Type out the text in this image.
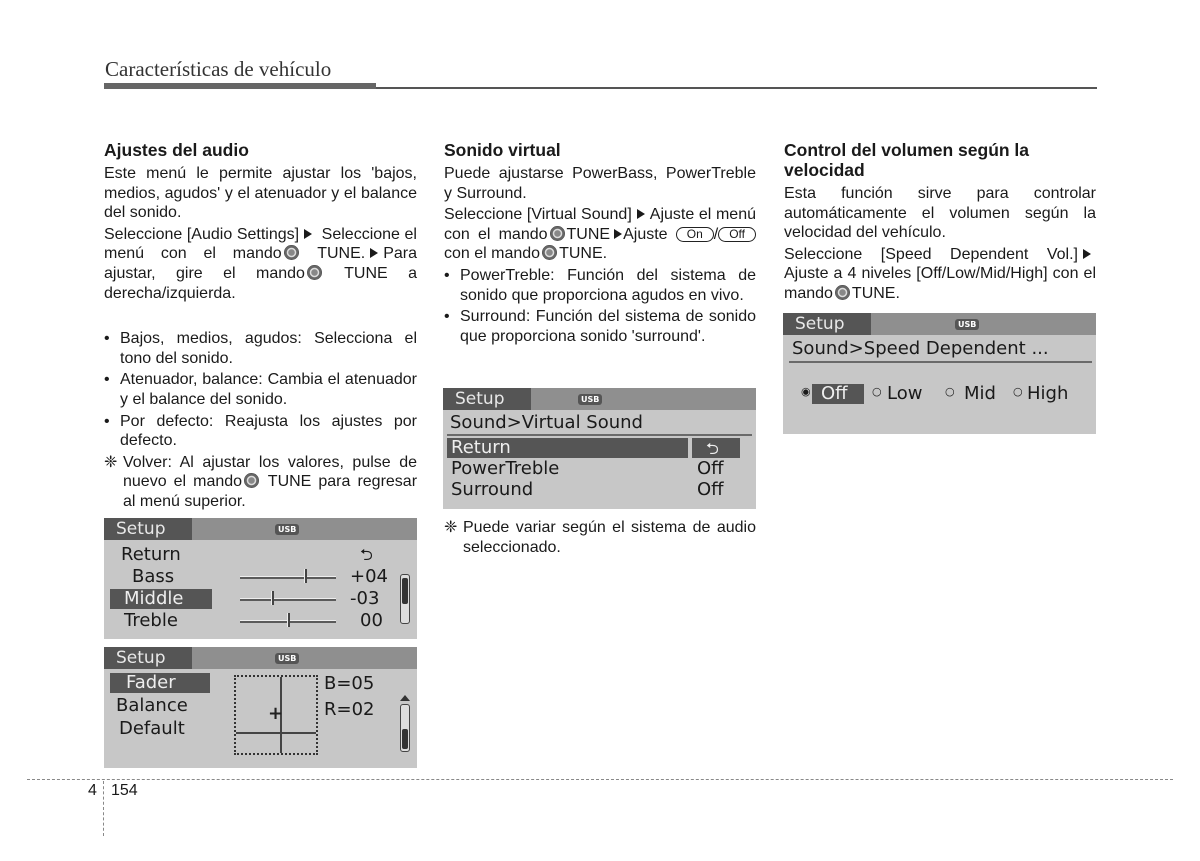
Características de vehículo
Ajustes del audio

Este menú le permite ajustar los 'bajos, medios, agudos' y el atenuador y el balance del sonido.

Seleccione [Audio Settings] Seleccione el menú con el mando TUNE. Para ajustar, gire el mando TUNE a derecha/izquierda.

• Bajos, medios, agudos: Selecciona el tono del sonido.
• Atenuador, balance: Cambia el atenuador y el balance del sonido.
• Por defecto: Reajusta los ajustes por defecto.
❈ Volver: Al ajustar los valores, pulse de nuevo el mando TUNE para regresar al menú superior.
Setup	USB
Return	⮌
Bass	+04
Middle	-03
Treble	00
Setup	USB
Fader
Balance
Default
+
B=05
R=02
Sonido virtual

Puede ajustarse PowerBass, PowerTreble y Surround.

Seleccione [Virtual Sound] Ajuste el menú con el mando TUNE Ajuste On / Off con el mando TUNE.

• PowerTreble: Función del sistema de sonido que proporciona agudos en vivo.
• Surround: Función del sistema de sonido que proporciona sonido 'surround'.
Setup	USB
Sound>Virtual Sound
Return	⮌
PowerTreble	Off
Surround	Off
❈ Puede variar según el sistema de audio seleccionado.
Control del volumen según la velocidad

Esta función sirve para controlar automáticamente el volumen según la velocidad del vehículo.

Seleccione [Speed Dependent Vol.] Ajuste a 4 niveles [Off/Low/Mid/High] con el mando TUNE.

Setup	USB
Sound>Speed Dependent ...
◉ Off ○ Low ○ Mid ○ High
4 154
